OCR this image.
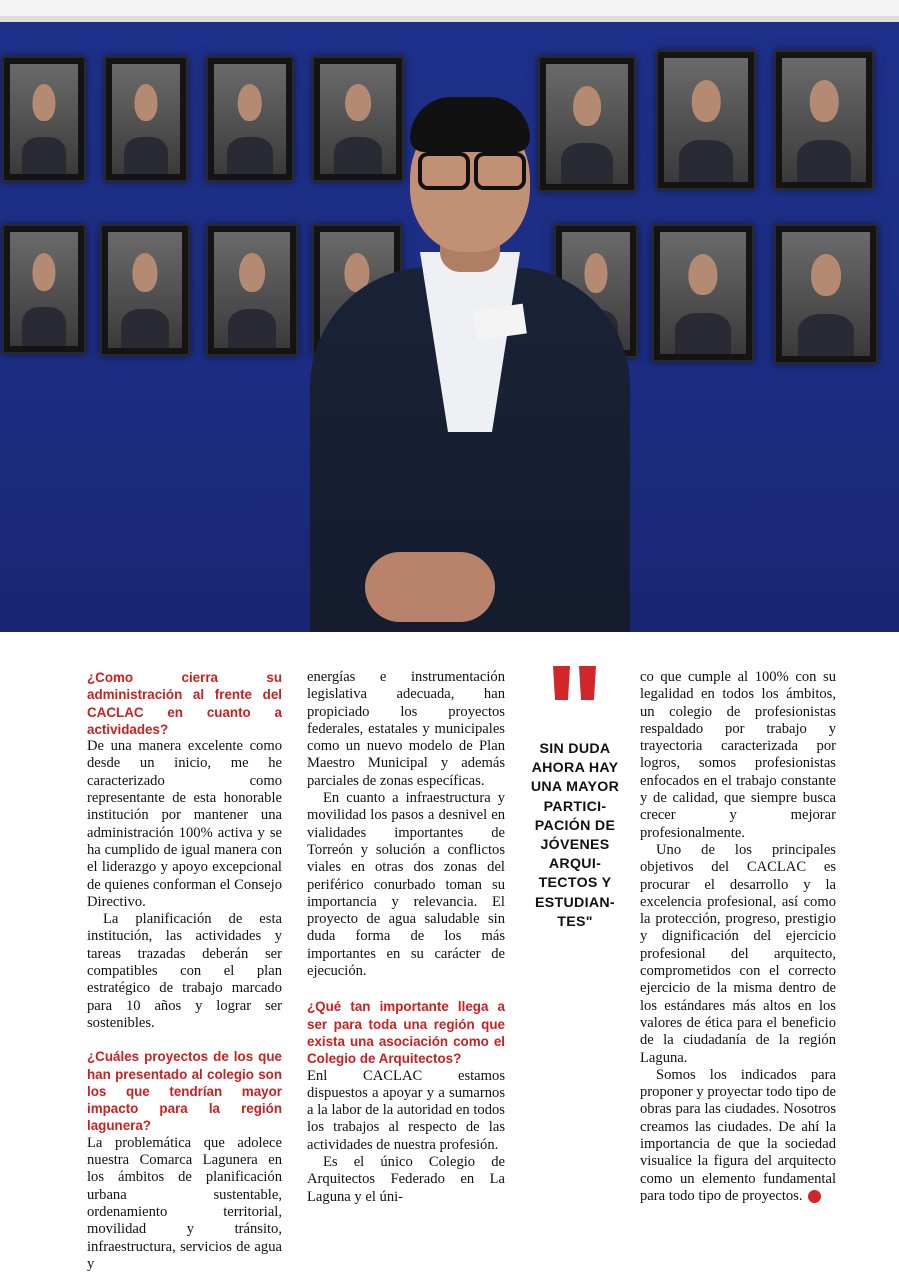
¿Como cierra su administración al frente del CACLAC en cuanto a actividades?

De una manera excelente como desde un inicio, me he caracterizado como representante de esta honorable institución por mantener una administración 100% activa y se ha cumplido de igual manera con el liderazgo y apoyo excepcional de quienes conforman el Consejo Directivo.

La planificación de esta institución, las actividades y tareas trazadas deberán ser compatibles con el plan estratégico de trabajo marcado para 10 años y lograr ser sostenibles.

¿Cuáles proyectos de los que han presentado al colegio son los que tendrían mayor impacto para la región lagunera?

La problemática que adolece nuestra Comarca Lagunera en los ámbitos de planificación urbana sustentable, ordenamiento territorial, movilidad y tránsito, infraestructura, servicios de agua y

energías e instrumentación legislativa adecuada, han propiciado los proyectos federales, estatales y municipales como un nuevo modelo de Plan Maestro Municipal y además parciales de zonas específicas.

En cuanto a infraestructura y movilidad los pasos a desnivel en vialidades importantes de Torreón y solución a conflictos viales en otras dos zonas del periférico conurbado toman su importancia y relevancia. El proyecto de agua saludable sin duda forma de los más importantes en su carácter de ejecución.

¿Qué tan importante llega a ser para toda una región que exista una asociación como el Colegio de Arquitectos?

Enl CACLAC estamos dispuestos a apoyar y a sumarnos a la labor de la autoridad en todos los trabajos al respecto de las actividades de nuestra profesión.

Es el único Colegio de Arquitectos Federado en La Laguna y el úni-

SIN DUDA AHORA HAY UNA MAYOR PARTICI- PACIÓN DE JÓVENES ARQUI- TECTOS Y ESTUDIAN- TES"

co que cumple al 100% con su legalidad en todos los ámbitos, un colegio de profesionistas respaldado por trabajo y trayectoria caracterizada por logros, somos profesionistas enfocados en el trabajo constante y de calidad, que siempre busca crecer y mejorar profesionalmente.

Uno de los principales objetivos del CACLAC es procurar el desarrollo y la excelencia profesional, así como la protección, progreso, prestigio y dignificación del ejercicio profesional del arquitecto, comprometidos con el correcto ejercicio de la misma dentro de los estándares más altos en los valores de ética para el beneficio de la ciudadanía de la región Laguna.

Somos los indicados para proponer y proyectar todo tipo de obras para las ciudades. Nosotros creamos las ciudades. De ahí la importancia de que la sociedad visualice la figura del arquitecto como un elemento fundamental para todo tipo de proyectos.	M
